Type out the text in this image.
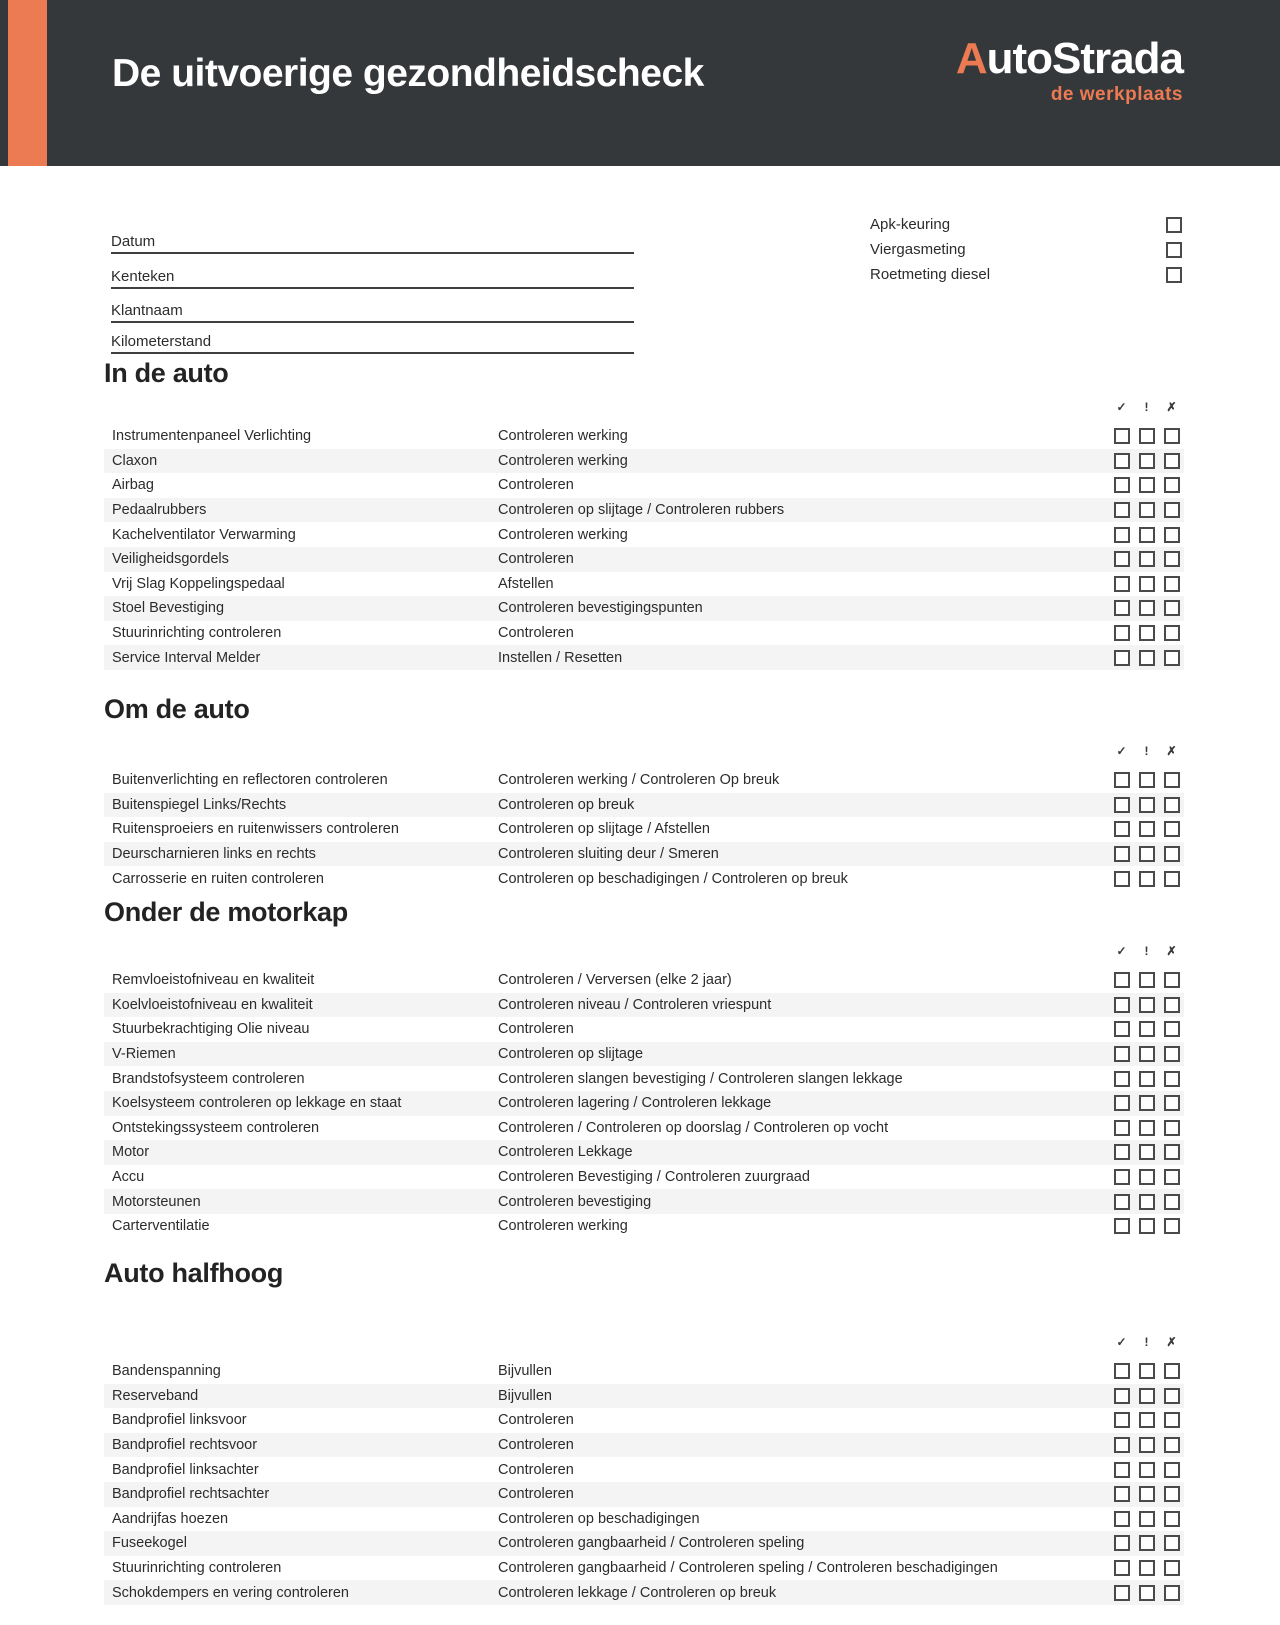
De uitvoerige gezondheidscheck	AutoStrada
de werkplaats
Datum
Kenteken
Klantnaam
Kilometerstand
Apk-keuring
Viergasmeting
Roetmeting diesel
In de auto
✓	!	✗
Instrumentenpaneel Verlichting	Controleren werking
Claxon	Controleren werking
Airbag	Controleren
Pedaalrubbers	Controleren op slijtage / Controleren rubbers
Kachelventilator Verwarming	Controleren werking
Veiligheidsgordels	Controleren
Vrij Slag Koppelingspedaal	Afstellen
Stoel Bevestiging	Controleren bevestigingspunten
Stuurinrichting controleren	Controleren
Service Interval Melder	Instellen / Resetten
Om de auto
✓	!	✗
Buitenverlichting en reflectoren controleren	Controleren werking / Controleren Op breuk
Buitenspiegel Links/Rechts	Controleren op breuk
Ruitensproeiers en ruitenwissers controleren	Controleren op slijtage / Afstellen
Deurscharnieren links en rechts	Controleren sluiting deur / Smeren
Carrosserie en ruiten controleren	Controleren op beschadigingen / Controleren op breuk
Onder de motorkap
✓	!	✗
Remvloeistofniveau en kwaliteit	Controleren / Verversen (elke 2 jaar)
Koelvloeistofniveau en kwaliteit	Controleren niveau / Controleren vriespunt
Stuurbekrachtiging Olie niveau	Controleren
V-Riemen	Controleren op slijtage
Brandstofsysteem controleren	Controleren slangen bevestiging / Controleren slangen lekkage
Koelsysteem controleren op lekkage en staat	Controleren lagering / Controleren lekkage
Ontstekingssysteem controleren	Controleren / Controleren op doorslag / Controleren op vocht
Motor	Controleren Lekkage
Accu	Controleren Bevestiging / Controleren zuurgraad
Motorsteunen	Controleren bevestiging
Carterventilatie	Controleren werking
Auto halfhoog
✓	!	✗
Bandenspanning	Bijvullen
Reserveband	Bijvullen
Bandprofiel linksvoor	Controleren
Bandprofiel rechtsvoor	Controleren
Bandprofiel linksachter	Controleren
Bandprofiel rechtsachter	Controleren
Aandrijfas hoezen	Controleren op beschadigingen
Fuseekogel	Controleren gangbaarheid / Controleren speling
Stuurinrichting controleren	Controleren gangbaarheid / Controleren speling / Controleren beschadigingen
Schokdempers en vering controleren	Controleren lekkage / Controleren op breuk
